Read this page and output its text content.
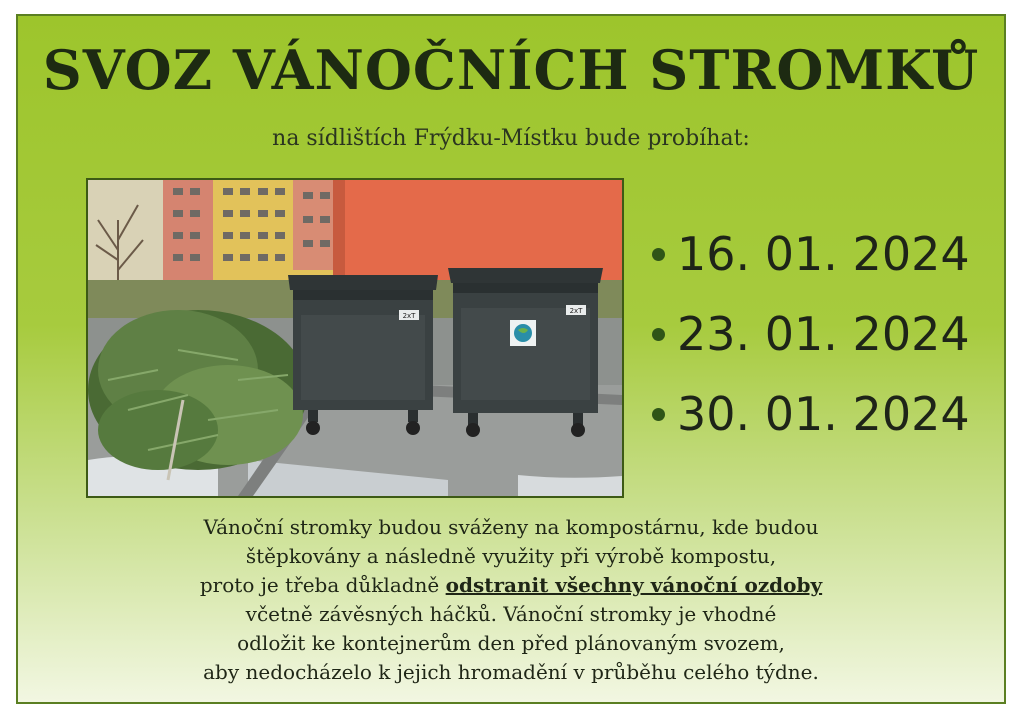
SVOZ VÁNOČNÍCH STROMKŮ
na sídlištích Frýdku-Místku bude probíhat:
2xT
2xT
16. 01. 2024
23. 01. 2024
30. 01. 2024
Vánoční stromky budou sváženy na kompostárnu, kde budou
štěpkovány a následně využity při výrobě kompostu,
proto je třeba důkladně odstranit všechny vánoční ozdoby
včetně závěsných háčků. Vánoční stromky je vhodné
odložit ke kontejnerům den před plánovaným svozem,
aby nedocházelo k jejich hromadění v průběhu celého týdne.
